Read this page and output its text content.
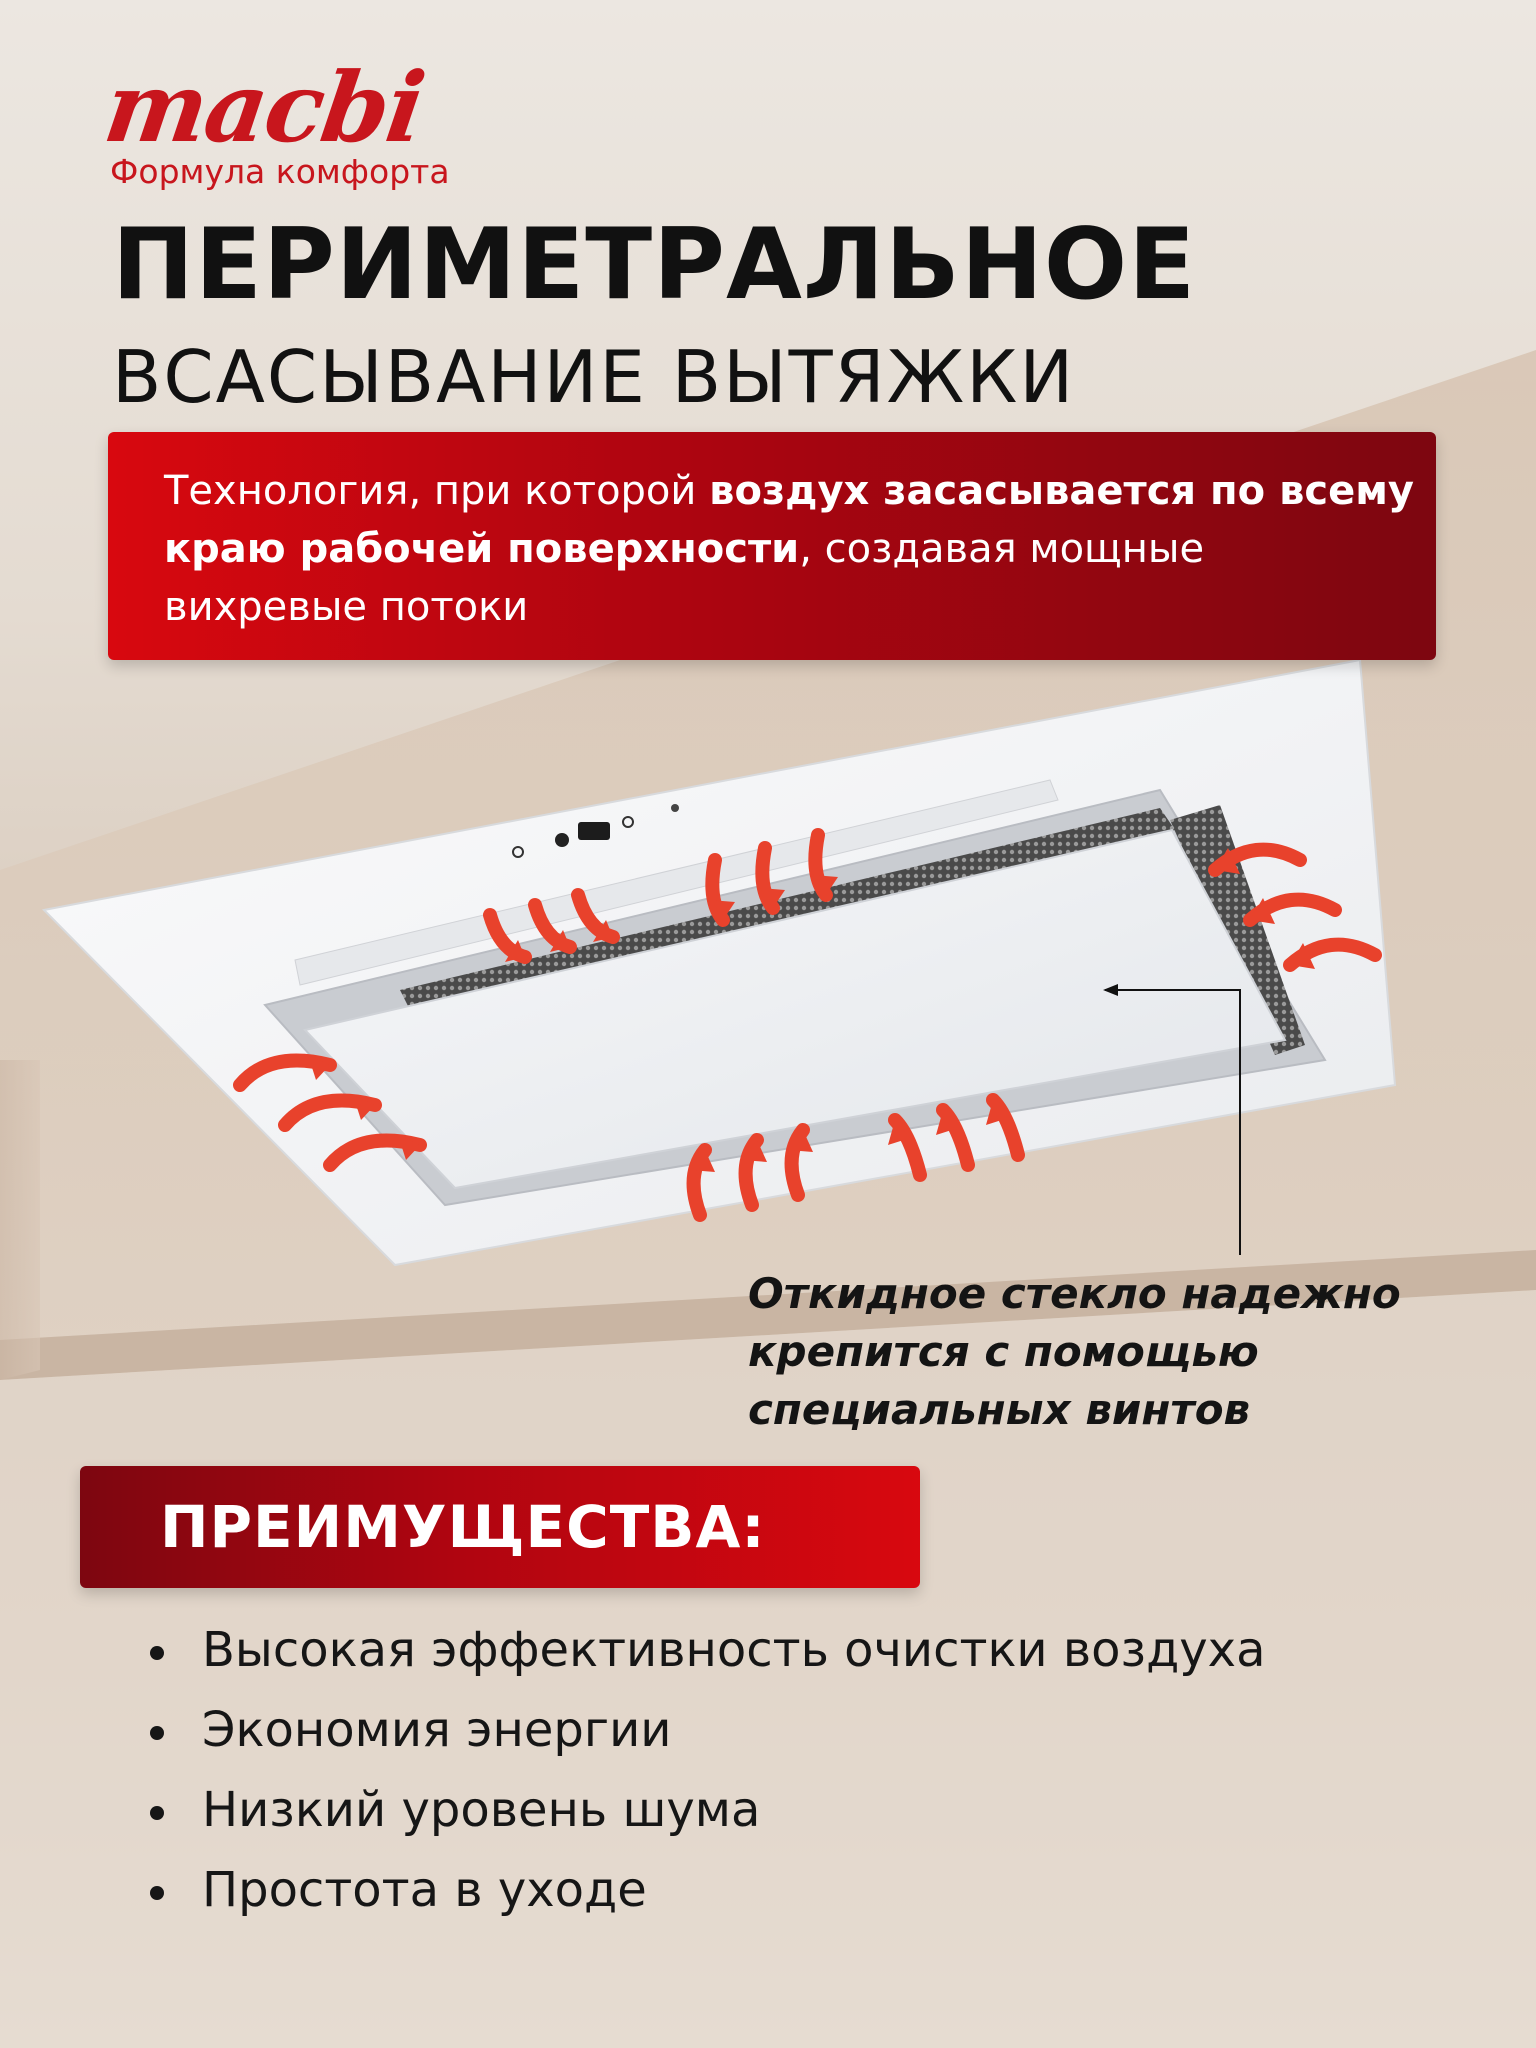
macbi
Формула комфорта
ПЕРИМЕТРАЛЬНОЕ
ВСАСЫВАНИЕ ВЫТЯЖКИ
Технология, при которой воздух засасывается по всему краю рабочей поверхности, создавая мощные вихревые потоки
Откидное стекло надежно крепится с помощью специальных винтов
ПРЕИМУЩЕСТВА:
Высокая эффективность очистки воздуха
Экономия энергии
Низкий уровень шума
Простота в уходе
